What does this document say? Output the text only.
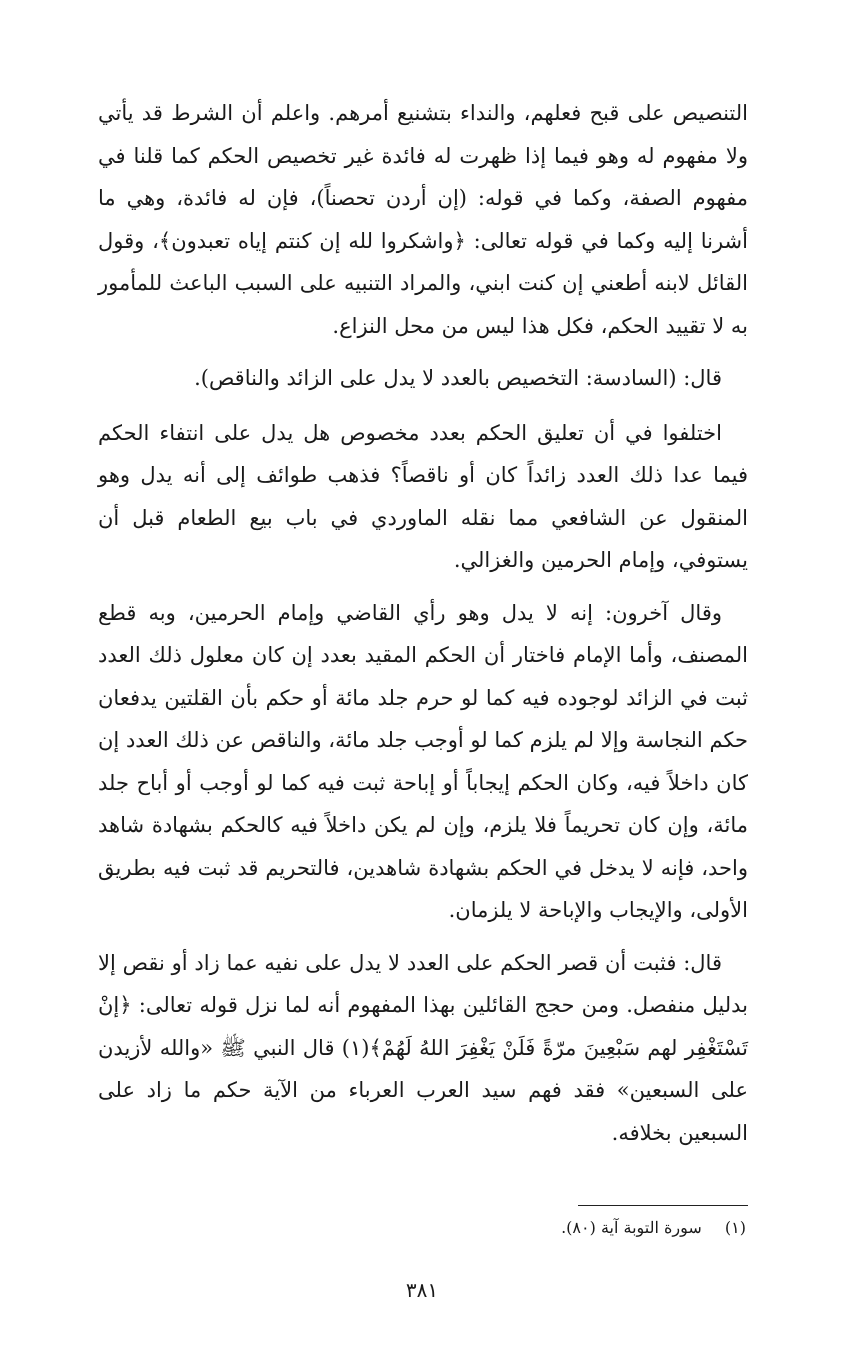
التنصيص على قبح فعلهم، والنداء بتشنيع أمرهم. واعلم أن الشرط قد يأتي ولا مفهوم له وهو فيما إذا ظهرت له فائدة غير تخصيص الحكم كما قلنا في مفهوم الصفة، وكما في قوله: (إن أردن تحصناً)، فإن له فائدة، وهي ما أشرنا إليه وكما في قوله تعالى: ﴿واشكروا لله إن كنتم إياه تعبدون﴾، وقول القائل لابنه أطعني إن كنت ابني، والمراد التنبيه على السبب الباعث للمأمور به لا تقييد الحكم، فكل هذا ليس من محل النزاع.

قال: (السادسة: التخصيص بالعدد لا يدل على الزائد والناقص).

اختلفوا في أن تعليق الحكم بعدد مخصوص هل يدل على انتفاء الحكم فيما عدا ذلك العدد زائداً كان أو ناقصاً؟ فذهب طوائف إلى أنه يدل وهو المنقول عن الشافعي مما نقله الماوردي في باب بيع الطعام قبل أن يستوفي، وإمام الحرمين والغزالي.

وقال آخرون: إنه لا يدل وهو رأي القاضي وإمام الحرمين، وبه قطع المصنف، وأما الإمام فاختار أن الحكم المقيد بعدد إن كان معلول ذلك العدد ثبت في الزائد لوجوده فيه كما لو حرم جلد مائة أو حكم بأن القلتين يدفعان حكم النجاسة وإلا لم يلزم كما لو أوجب جلد مائة، والناقص عن ذلك العدد إن كان داخلاً فيه، وكان الحكم إيجاباً أو إباحة ثبت فيه كما لو أوجب أو أباح جلد مائة، وإن كان تحريماً فلا يلزم، وإن لم يكن داخلاً فيه كالحكم بشهادة شاهد واحد، فإنه لا يدخل في الحكم بشهادة شاهدين، فالتحريم قد ثبت فيه بطريق الأولى، والإيجاب والإباحة لا يلزمان.

قال: فثبت أن قصر الحكم على العدد لا يدل على نفيه عما زاد أو نقص إلا بدليل منفصل. ومن حجج القائلين بهذا المفهوم أنه لما نزل قوله تعالى: ﴿إنْ تَسْتَغْفِر لهم سَبْعِينَ مرّةً فَلَنْ يَغْفِرَ اللهُ لَهُمْ﴾(١) قال النبي ﷺ «والله لأزيدن على السبعين» فقد فهم سيد العرب العرباء من الآية حكم ما زاد على السبعين بخلافه.

(١) سورة التوبة آية (٨٠).
٣٨١
